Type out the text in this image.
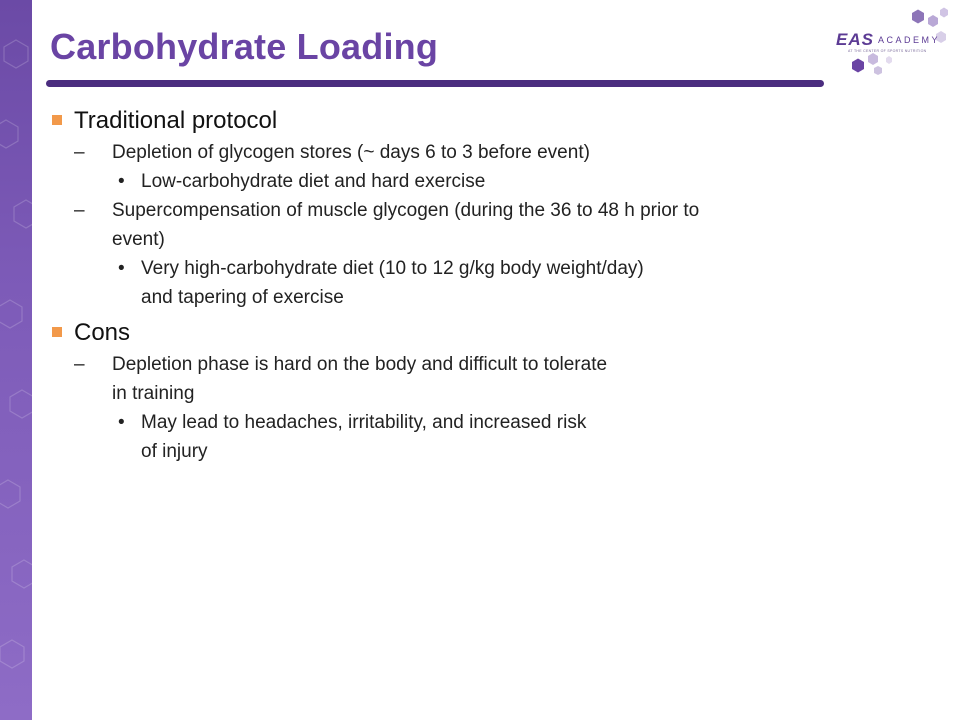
Carbohydrate Loading	EAS ACADEMY
AT THE CENTER OF SPORTS NUTRITION
Traditional protocol
– Depletion of glycogen stores (~ days 6 to 3 before event)
• Low-carbohydrate diet and hard exercise
– Supercompensation of muscle glycogen (during the 36 to 48 h prior to
event)
• Very high-carbohydrate diet (10 to 12 g/kg body weight/day)
and tapering of exercise
Cons
– Depletion phase is hard on the body and difficult to tolerate
in training
• May lead to headaches, irritability, and increased risk
of injury
